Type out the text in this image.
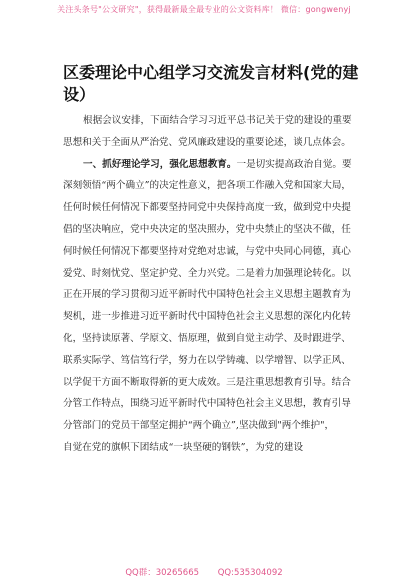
关注头条号"公文研究"，获得最新最全最专业的公文资料库！ 微信：gongwenyj
区委理论中心组学习交流发言材料(党的建设）

根据会议安排，下面结合学习习近平总书记关于党的建设的重要思想和关于全面从严治党、党风廉政建设的重要论述，谈几点体会。

一、抓好理论学习，强化思想教育。一是切实提高政治自觉。要深刻领悟“两个确立”的决定性意义，把各项工作融入党和国家大局，任何时候任何情况下都要坚持同党中央保持高度一致，做到党中央提倡的坚决响应，党中央决定的坚决照办，党中央禁止的坚决不做，任何时候任何情况下都要坚持对党绝对忠诚，与党中央同心同德，真心爱党、时刻忧党、坚定护党、全力兴党。二是着力加强理论转化。以正在开展的学习贯彻习近平新时代中国特色社会主义思想主题教育为契机，进一步推进习近平新时代中国特色社会主义思想的深化内化转化，坚持读原著、学原文、悟原理，做到自觉主动学、及时跟进学、联系实际学、笃信笃行学，努力在以学铸魂、以学增智、以学正风、以学促干方面不断取得新的更大成效。三是注重思想教育引导。结合分管工作特点，围绕习近平新时代中国特色社会主义思想，教育引导分管部门的党员干部坚定拥护“两个确立”,坚决做到"两个维护"，

自觉在党的旗帜下团结成“一块坚硬的钢铁”，为党的建设

QQ群：30265665 QQ:535304092
